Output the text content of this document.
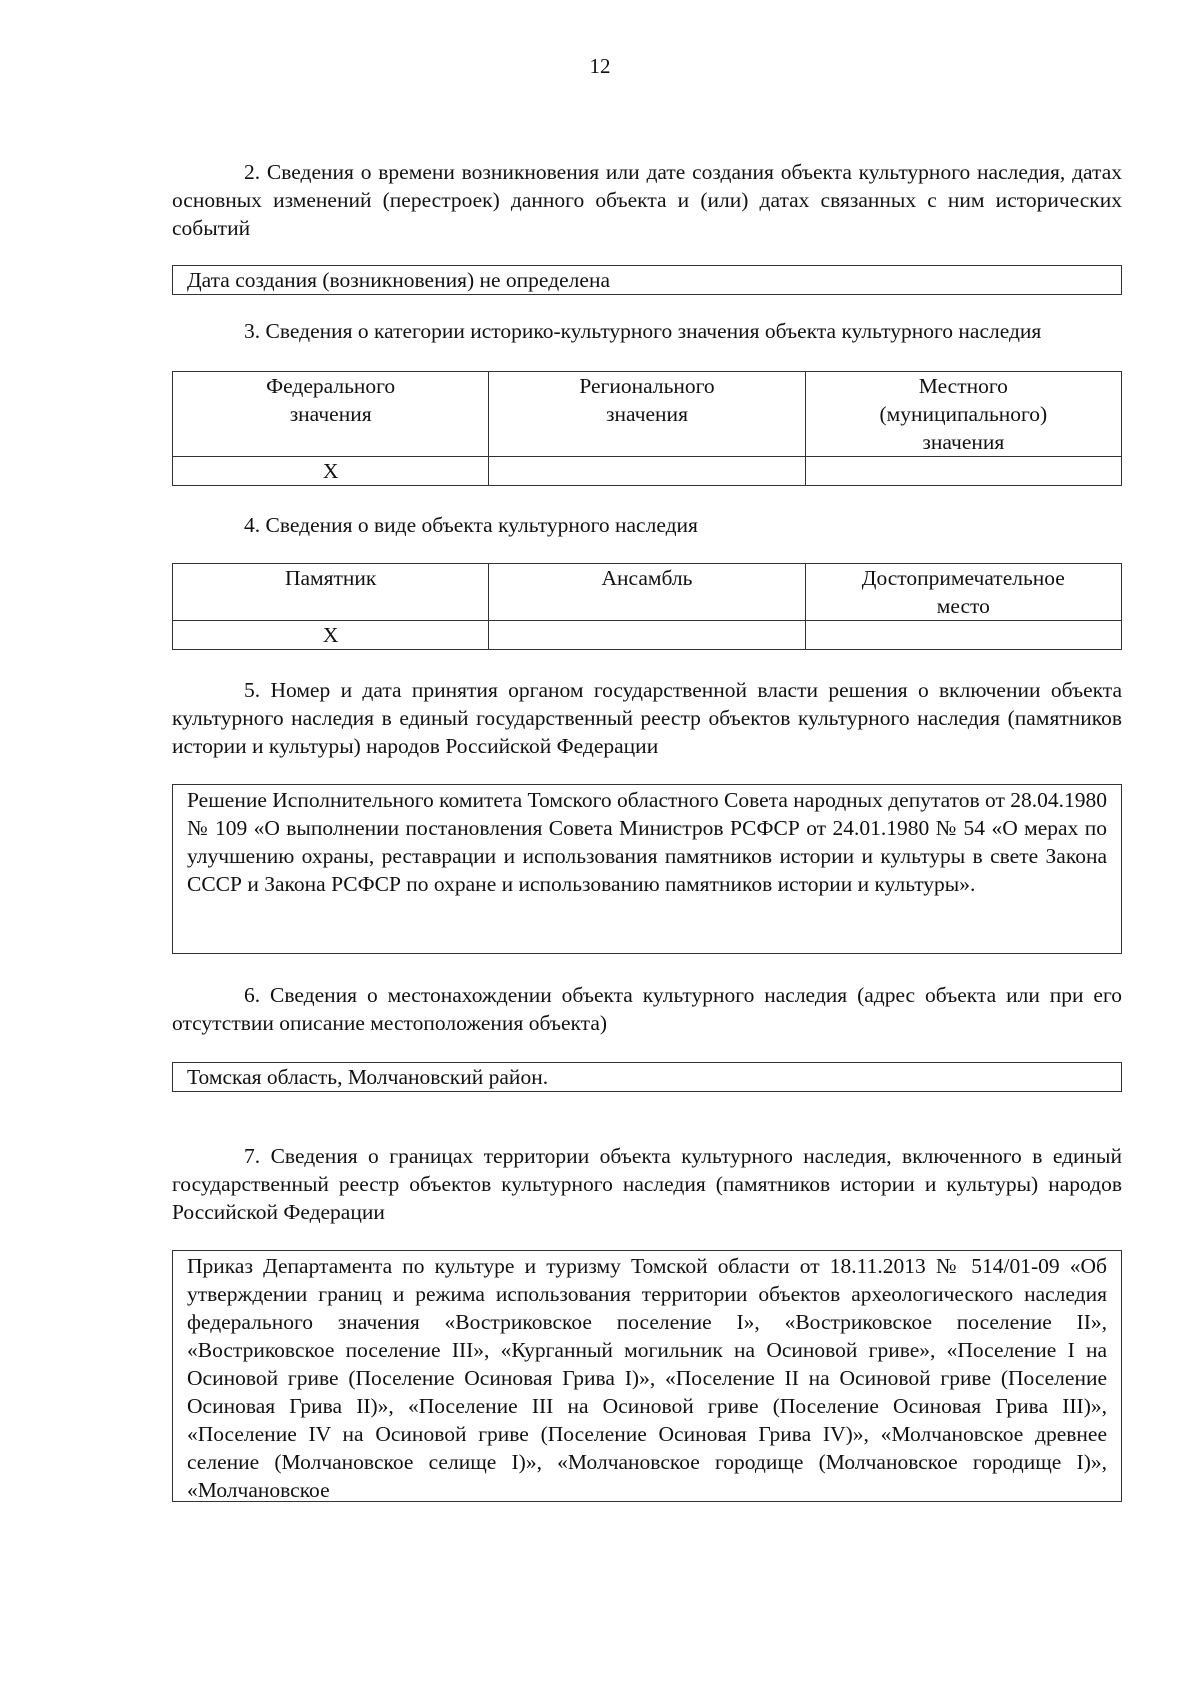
12

2. Сведения о времени возникновения или дате создания объекта культурного наследия, датах основных изменений (перестроек) данного объекта и (или) датах связанных с ним исторических событий

Дата создания (возникновения) не определена

3. Сведения о категории историко-культурного значения объекта культурного наследия

Федерального значения	Регионального значения	Местного (муниципального) значения
Х		

4. Сведения о виде объекта культурного наследия

Памятник	Ансамбль	Достопримечательное место
Х		

5. Номер и дата принятия органом государственной власти решения о включении объекта культурного наследия в единый государственный реестр объектов культурного наследия (памятников истории и культуры) народов Российской Федерации

Решение Исполнительного комитета Томского областного Совета народных депутатов от 28.04.1980 № 109 «О выполнении постановления Совета Министров РСФСР от 24.01.1980 № 54 «О мерах по улучшению охраны, реставрации и использования памятников истории и культуры в свете Закона СССР и Закона РСФСР по охране и использованию памятников истории и культуры».

6. Сведения о местонахождении объекта культурного наследия (адрес объекта или при его отсутствии описание местоположения объекта)

Томская область, Молчановский район.

7. Сведения о границах территории объекта культурного наследия, включенного в единый государственный реестр объектов культурного наследия (памятников истории и культуры) народов Российской Федерации

Приказ Департамента по культуре и туризму Томской области от 18.11.2013 № 514/01-09 «Об утверждении границ и режима использования территории объектов археологического наследия федерального значения «Востриковское поселение I», «Востриковское поселение II», «Востриковское поселение III», «Курганный могильник на Осиновой гриве», «Поселение I на Осиновой гриве (Поселение Осиновая Грива I)», «Поселение II на Осиновой гриве (Поселение Осиновая Грива II)», «Поселение III на Осиновой гриве (Поселение Осиновая Грива III)», «Поселение IV на Осиновой гриве (Поселение Осиновая Грива IV)», «Молчановское древнее селение (Молчановское селище I)», «Молчановское городище (Молчановское городище I)», «Молчановское
